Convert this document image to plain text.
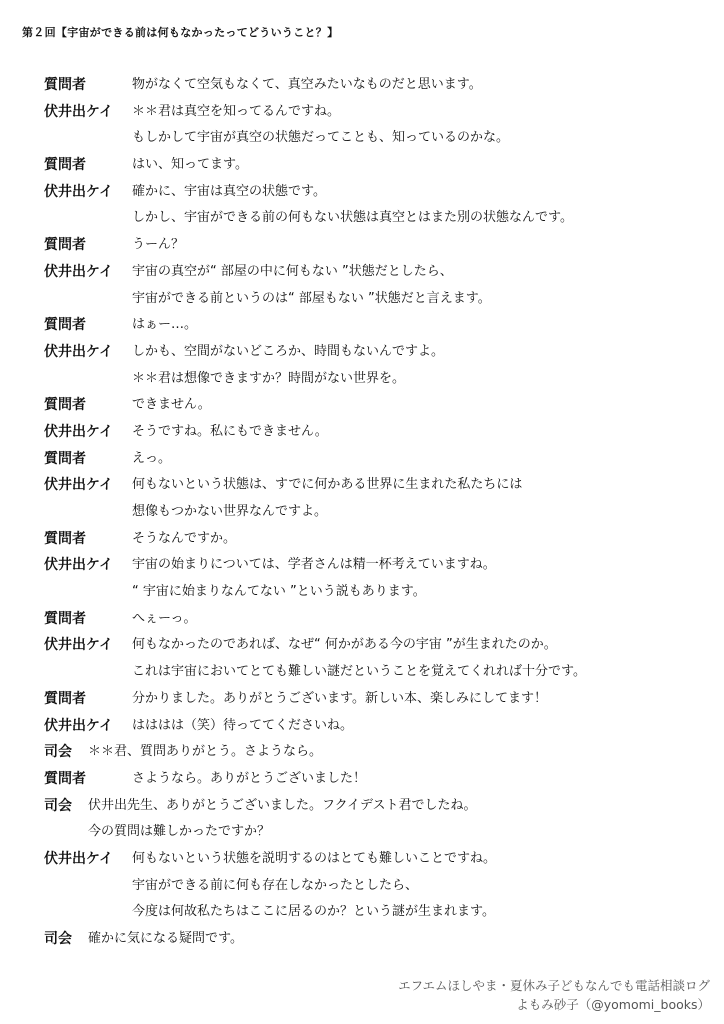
第２回【宇宙ができる前は何もなかったってどういうこと？】
質問者	物がなくて空気もなくて、真空みたいなものだと思います。
伏井出ケイ ＊＊君は真空を知ってるんですね。
もしかして宇宙が真空の状態だってことも、知っているのかな。
質問者	はい、知ってます。
伏井出ケイ 確かに、宇宙は真空の状態です。
しかし、宇宙ができる前の何もない状態は真空とはまた別の状態なんです。
質問者	うーん？
伏井出ケイ 宇宙の真空が“ 部屋の中に何もない ”状態だとしたら、
宇宙ができる前というのは“ 部屋もない ”状態だと言えます。
質問者	はぁー…。
伏井出ケイ しかも、空間がないどころか、時間もないんですよ。
＊＊君は想像できますか？時間がない世界を。
質問者	できません。
伏井出ケイ そうですね。私にもできません。
質問者	えっ。
伏井出ケイ 何もないという状態は、すでに何かある世界に生まれた私たちには
想像もつかない世界なんですよ。
質問者	そうなんですか。
伏井出ケイ 宇宙の始まりについては、学者さんは精一杯考えていますね。
“ 宇宙に始まりなんてない ”という説もあります。
質問者	へぇーっ。
伏井出ケイ 何もなかったのであれば、なぜ“ 何かがある今の宇宙 ”が生まれたのか。
これは宇宙においてとても難しい謎だということを覚えてくれれば十分です。
質問者	分かりました。ありがとうございます。新しい本、楽しみにしてます！
伏井出ケイ はははは（笑）待っててくださいね。
司会 ＊＊君、質問ありがとう。さようなら。
質問者	さようなら。ありがとうございました！
司会 伏井出先生、ありがとうございました。フクイデスト君でしたね。
今の質問は難しかったですか？
伏井出ケイ 何もないという状態を説明するのはとても難しいことですね。
宇宙ができる前に何も存在しなかったとしたら、
今度は何故私たちはここに居るのか？という謎が生まれます。
司会 確かに気になる疑問です。
エフエムほしやま・夏休み子どもなんでも電話相談ログ
よもみ砂子（@yomomi_books）
